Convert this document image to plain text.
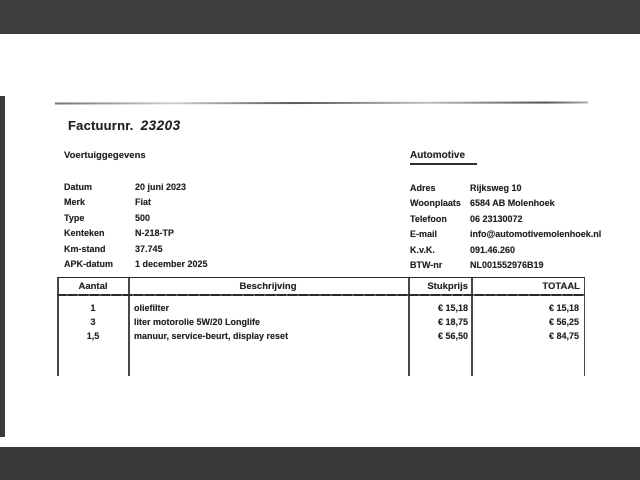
Factuurnr. 23203
Voertuiggegevens	Automotive
Datum	20 juni 2023
Merk	Fiat
Type	500
Kenteken	N-218-TP
Km-stand	37.745
APK-datum 1 december 2025
Adres	Rijksweg 10
Woonplaats 6584 AB Molenhoek
Telefoon	06 23130072
E-mail	info@automotivemolenhoek.nl
K.v.K.	091.46.260
BTW-nr	NL001552976B19
Aantal	Beschrijving	Stukprijs	TOTAAL
1	oliefilter	€ 15,18	€ 15,18
3	liter motorolie 5W/20 Longlife	€ 18,75	€ 56,25
1,5	manuur, service-beurt, display reset	€ 56,50	€ 84,75
